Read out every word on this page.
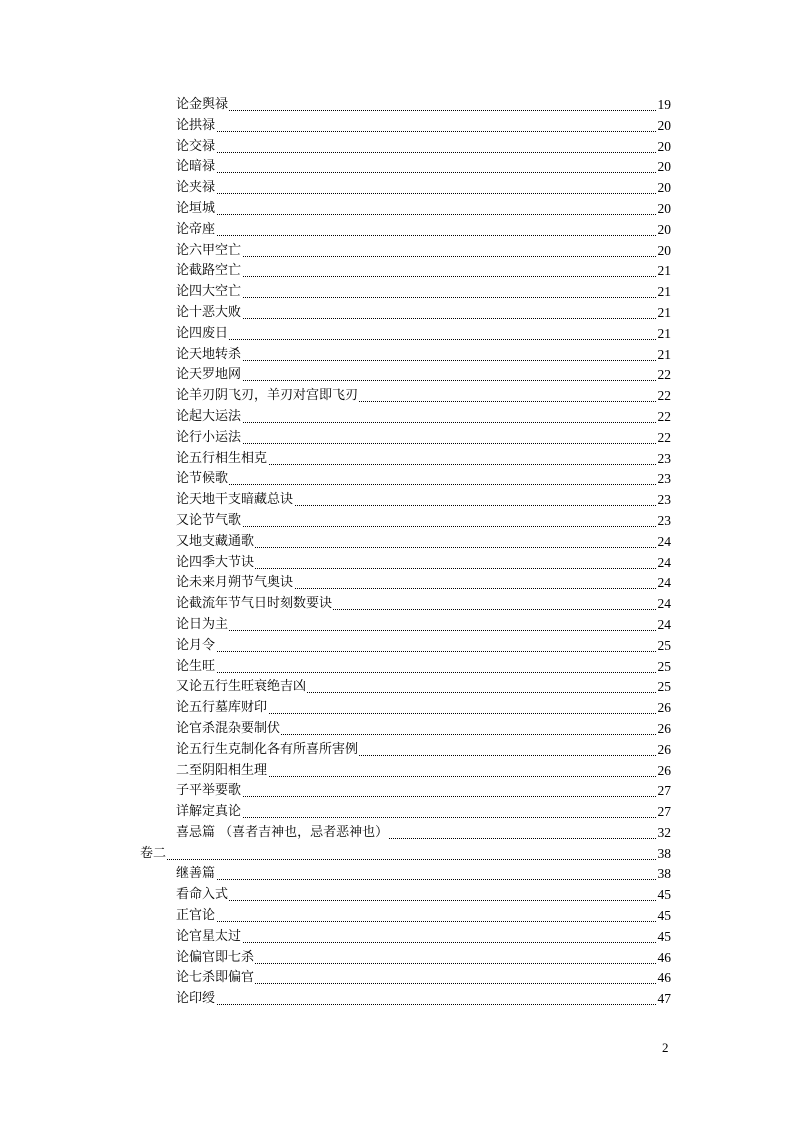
论金舆禄	19
论拱禄	20
论交禄	20
论暗禄	20
论夹禄	20
论垣城	20
论帝座	20
论六甲空亡	20
论截路空亡	21
论四大空亡	21
论十恶大败	21
论四废日	21
论天地转杀	21
论天罗地网	22
论羊刃阴飞刃，羊刃对宫即飞刃	22
论起大运法	22
论行小运法	22
论五行相生相克	23
论节候歌	23
论天地干支暗藏总诀	23
又论节气歌	23
又地支藏通歌	24
论四季大节诀	24
论未来月朔节气奥诀	24
论截流年节气日时刻数要诀	24
论日为主	24
论月令	25
论生旺	25
又论五行生旺衰绝吉凶	25
论五行墓库财印	26
论官杀混杂要制伏	26
论五行生克制化各有所喜所害例	26
二至阴阳相生理	26
子平举要歌	27
详解定真论	27
喜忌篇 （喜者吉神也，忌者恶神也）	32
卷二	38
继善篇	38
看命入式	45
正官论	45
论官星太过	45
论偏官即七杀	46
论七杀即偏官	46
论印绶	47
2
